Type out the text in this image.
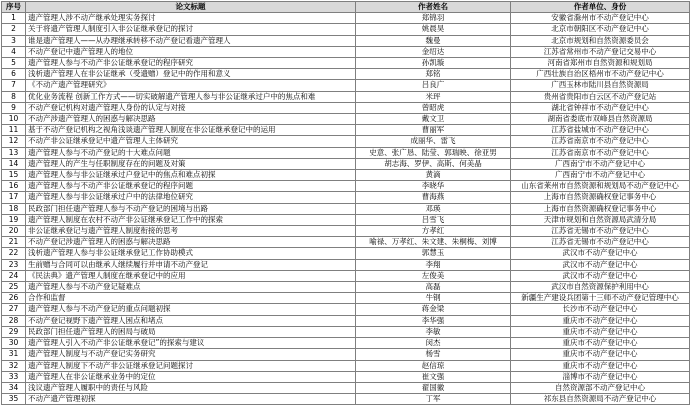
序号	论文标题	作者姓名	作者单位、身份
1	遗产管理人涉不动产继承处理实务探讨	郑锦羽	安徽省滁州市不动产登记中心
2	关于将遗产管理人制度引入非公证继承登记的探讨	姚晨昊	北京市朝阳区不动产登记中心
3	谁是遗产管理人——从办理继承转移不动产登记看遗产管理人	魏曼	北京市规划和自然资源委员会
4	不动产登记中遗产管理人的地位	金绍达	江苏省常州市不动产登记交易中心
5	遗产管理人参与不动产非公证继承登记的程序研究	孙凯璇	河南省郑州市自然资源和规划局
6	浅析遗产管理人在非公证继承（受遗赠）登记中的作用和意义	郑铭	广西壮族自治区梧州市不动产登记中心
7	《不动产遗产管理研究》	吕良广	广西玉林市陆川县自然资源局
8	优化业务流程 创新工作方式——切实破解遗产管理人参与非公证继承过户中的焦点和难	米玶	贵州省贵阳市白云区不动产登记站
9	不动产登记机构对遗产管理人身份的认定与对接	曾昭虎	湖北省钟祥市不动产登记中心
10	不动产涉遗产管理人的困惑与解决思路	戴文卫	湖南省娄底市双峰县自然资源局
11	基于不动产登记机构之视角浅谈遗产管理人制度在非公证继承登记中的运用	曹丽军	江苏省盐城市不动产登记中心
12	不动产非公证继承登记中遗产管理人主体研究	成丽华、雷飞	江苏省南京市不动产登记中心
13	遗产管理人参与不动产登记的十大难点问题	史意、张广恳、陆莹、郭瑞映、徐亚男	江苏省南京市不动产登记中心
14	遗产管理人的产生与任职制度存在的问题及对策	胡志海、罗伊、高斯、何美晶	广西南宁市不动产登记中心
15	遗产管理人参与非公证继承过户登记中的焦点和难点初探	黄滴	广西南宁市不动产登记中心
16	遗产管理人参与不动产非公证继承登记的程序问题	李晓华	山东省莱州市自然资源和规划局不动产登记中心
17	遗产管理人参与非公证继承过户中的法律地位研究	曹海燕	上海市自然资源确权登记事务中心
18	民政部门担任遗产管理人参与不动产登记的困境与出路	邓瑛	上海市自然资源确权登记事务中心
19	遗产管理人制度在农村不动产非公证继承登记工作中的探索	吕雪飞	天津市规划和自然资源局武清分局
20	非公证继承登记与遗产管理人制度衔接的思考	方孝红	江苏省无锡市不动产登记中心
21	不动产登记涉遗产管理人的困惑与解决思路	喻禄、万孝红、朱文建、朱桐梅、刘博	江苏省无锡市不动产登记中心
22	浅析遗产管理人参与非公证继承登记工作协助模式	郭慧玉	武汉市不动产登记中心
23	生前赠与合同可以由继承人继续履行并申请不动产登记	李翔	武汉市不动产登记中心
24	《民法典》遗产管理人制度在继承登记中的应用	左俊美	武汉市不动产登记中心
25	遗产管理人参与不动产登记疑难点	高磊	武汉市自然资源保护利用中心
26	合作和监督	牛钢	新疆生产建设兵团第十三师不动产登记管理中心
27	遗产管理人参与不动产登记的重点问题初探	蒋金梁	长沙市不动产登记中心
28	不动产登记视野下遗产管理人困点和堵点	李华强	重庆市不动产登记中心
29	民政部门担任遗产管理人的困局与破局	李敏	重庆市不动产登记中心
30	遗产管理人引入不动产非公证继承登记”的探索与建议	闵杰	重庆市不动产登记中心
31	遗产管理人制度与不动产登记实务研究	杨雪	重庆市不动产登记中心
32	遗产管理人制度下不动产非公证继承登记问题探讨	赵信琼	重庆市不动产登记中心
33	遗产管理人在非公证继承业务中的定位	崔文强	淄博市不动产登记中心
34	浅议遗产管理人履职中的责任与风险	翟国徽	自然资源部不动产登记中心
35	不动产遗产管理初探	丁军	祁东县自然资源局不动产登记中心
